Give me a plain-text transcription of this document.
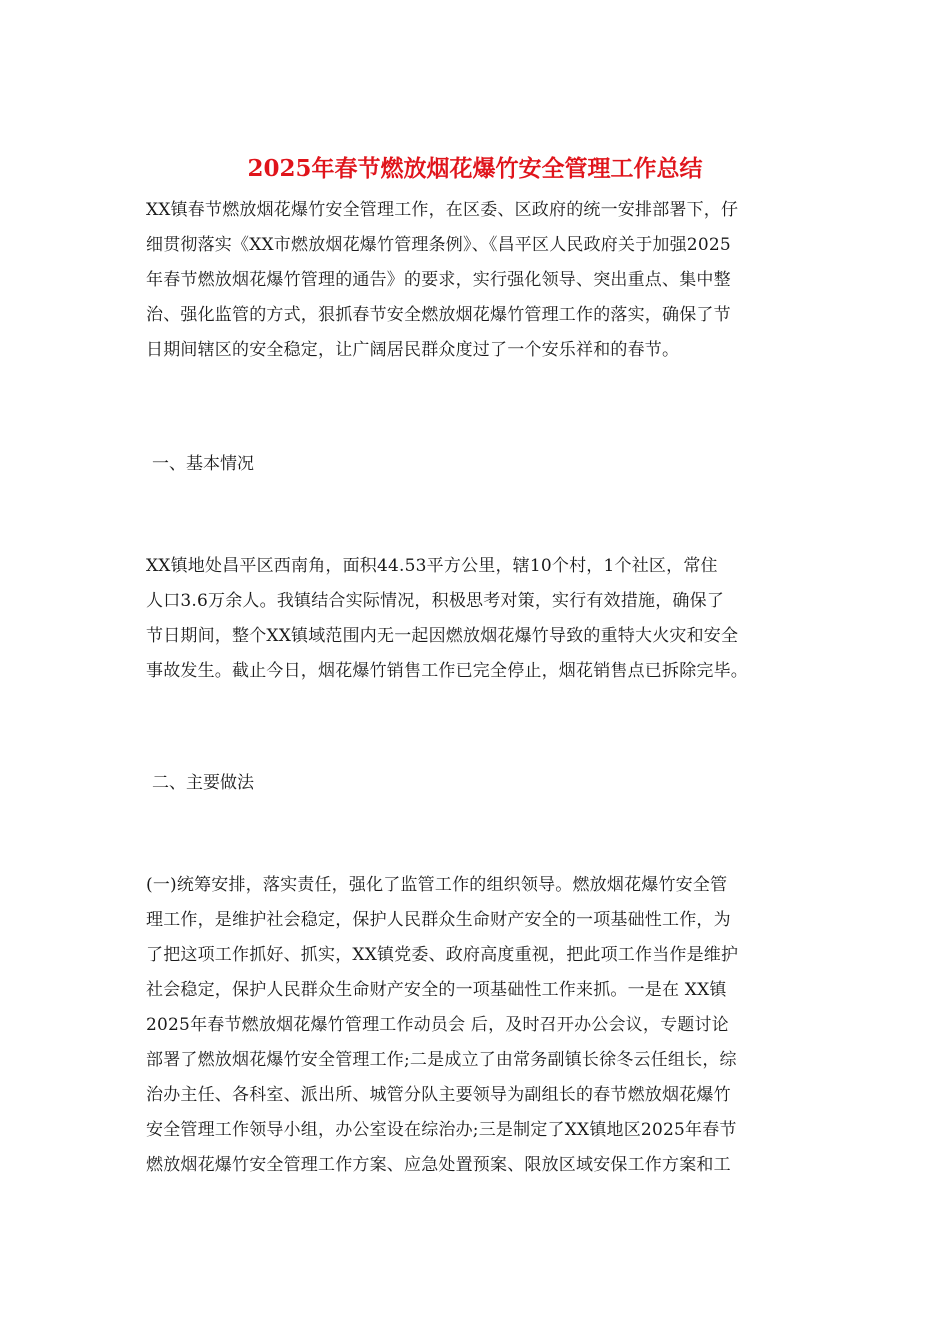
2025年春节燃放烟花爆竹安全管理工作总结
XX镇春节燃放烟花爆竹安全管理工作，在区委、区政府的统一安排部署下，仔
细贯彻落实《XX市燃放烟花爆竹管理条例》、《昌平区人民政府关于加强2025
年春节燃放烟花爆竹管理的通告》的要求，实行强化领导、突出重点、集中整
治、强化监管的方式，狠抓春节安全燃放烟花爆竹管理工作的落实，确保了节
日期间辖区的安全稳定，让广阔居民群众度过了一个安乐祥和的春节。
一、基本情况
XX镇地处昌平区西南角，面积44.53平方公里，辖10个村，1个社区，常住
人口3.6万余人。我镇结合实际情况，积极思考对策，实行有效措施，确保了
节日期间，整个XX镇域范围内无一起因燃放烟花爆竹导致的重特大火灾和安全
事故发生。截止今日，烟花爆竹销售工作已完全停止，烟花销售点已拆除完毕。
二、主要做法
(一)统筹安排，落实责任，强化了监管工作的组织领导。燃放烟花爆竹安全管
理工作，是维护社会稳定，保护人民群众生命财产安全的一项基础性工作，为
了把这项工作抓好、抓实，XX镇党委、政府高度重视，把此项工作当作是维护
社会稳定，保护人民群众生命财产安全的一项基础性工作来抓。一是在 XX镇
2025年春节燃放烟花爆竹管理工作动员会 后，及时召开办公会议，专题讨论
部署了燃放烟花爆竹安全管理工作;二是成立了由常务副镇长徐冬云任组长，综
治办主任、各科室、派出所、城管分队主要领导为副组长的春节燃放烟花爆竹
安全管理工作领导小组，办公室设在综治办;三是制定了XX镇地区2025年春节
燃放烟花爆竹安全管理工作方案、应急处置预案、限放区域安保工作方案和工
